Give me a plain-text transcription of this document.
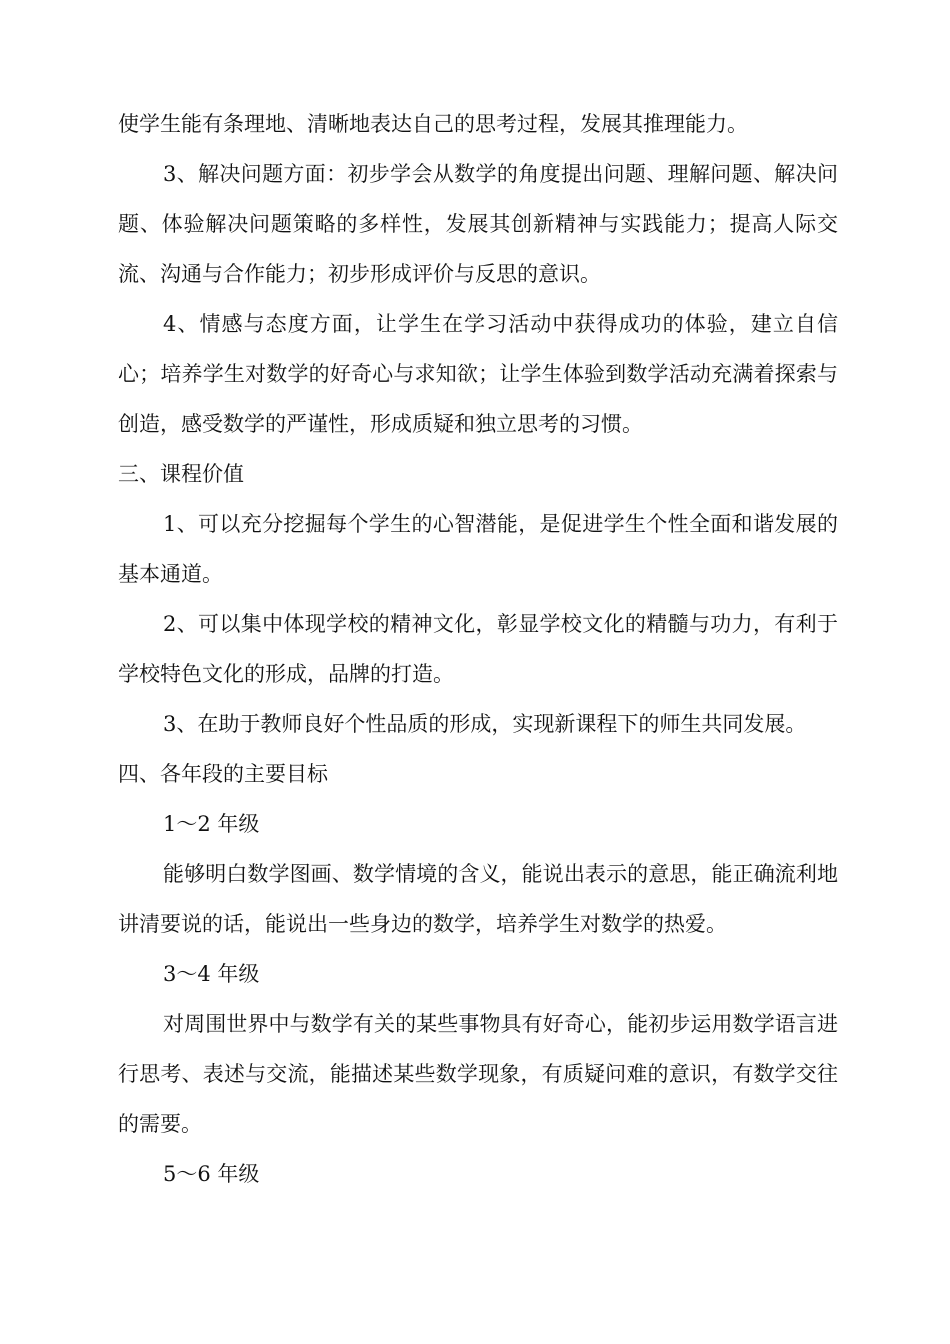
使学生能有条理地、清晰地表达自己的思考过程，发展其推理能力。

3、解决问题方面：初步学会从数学的角度提出问题、理解问题、解决问题、体验解决问题策略的多样性，发展其创新精神与实践能力；提高人际交流、沟通与合作能力；初步形成评价与反思的意识。

4、情感与态度方面，让学生在学习活动中获得成功的体验，建立自信心；培养学生对数学的好奇心与求知欲；让学生体验到数学活动充满着探索与创造，感受数学的严谨性，形成质疑和独立思考的习惯。

三、课程价值

1、可以充分挖掘每个学生的心智潜能，是促进学生个性全面和谐发展的基本通道。

2、可以集中体现学校的精神文化，彰显学校文化的精髓与功力，有利于学校特色文化的形成，品牌的打造。

3、在助于教师良好个性品质的形成，实现新课程下的师生共同发展。

四、各年段的主要目标

1～2 年级

能够明白数学图画、数学情境的含义，能说出表示的意思，能正确流利地讲清要说的话，能说出一些身边的数学，培养学生对数学的热爱。

3～4 年级

对周围世界中与数学有关的某些事物具有好奇心，能初步运用数学语言进行思考、表述与交流，能描述某些数学现象，有质疑问难的意识，有数学交往的需要。

5～6 年级
